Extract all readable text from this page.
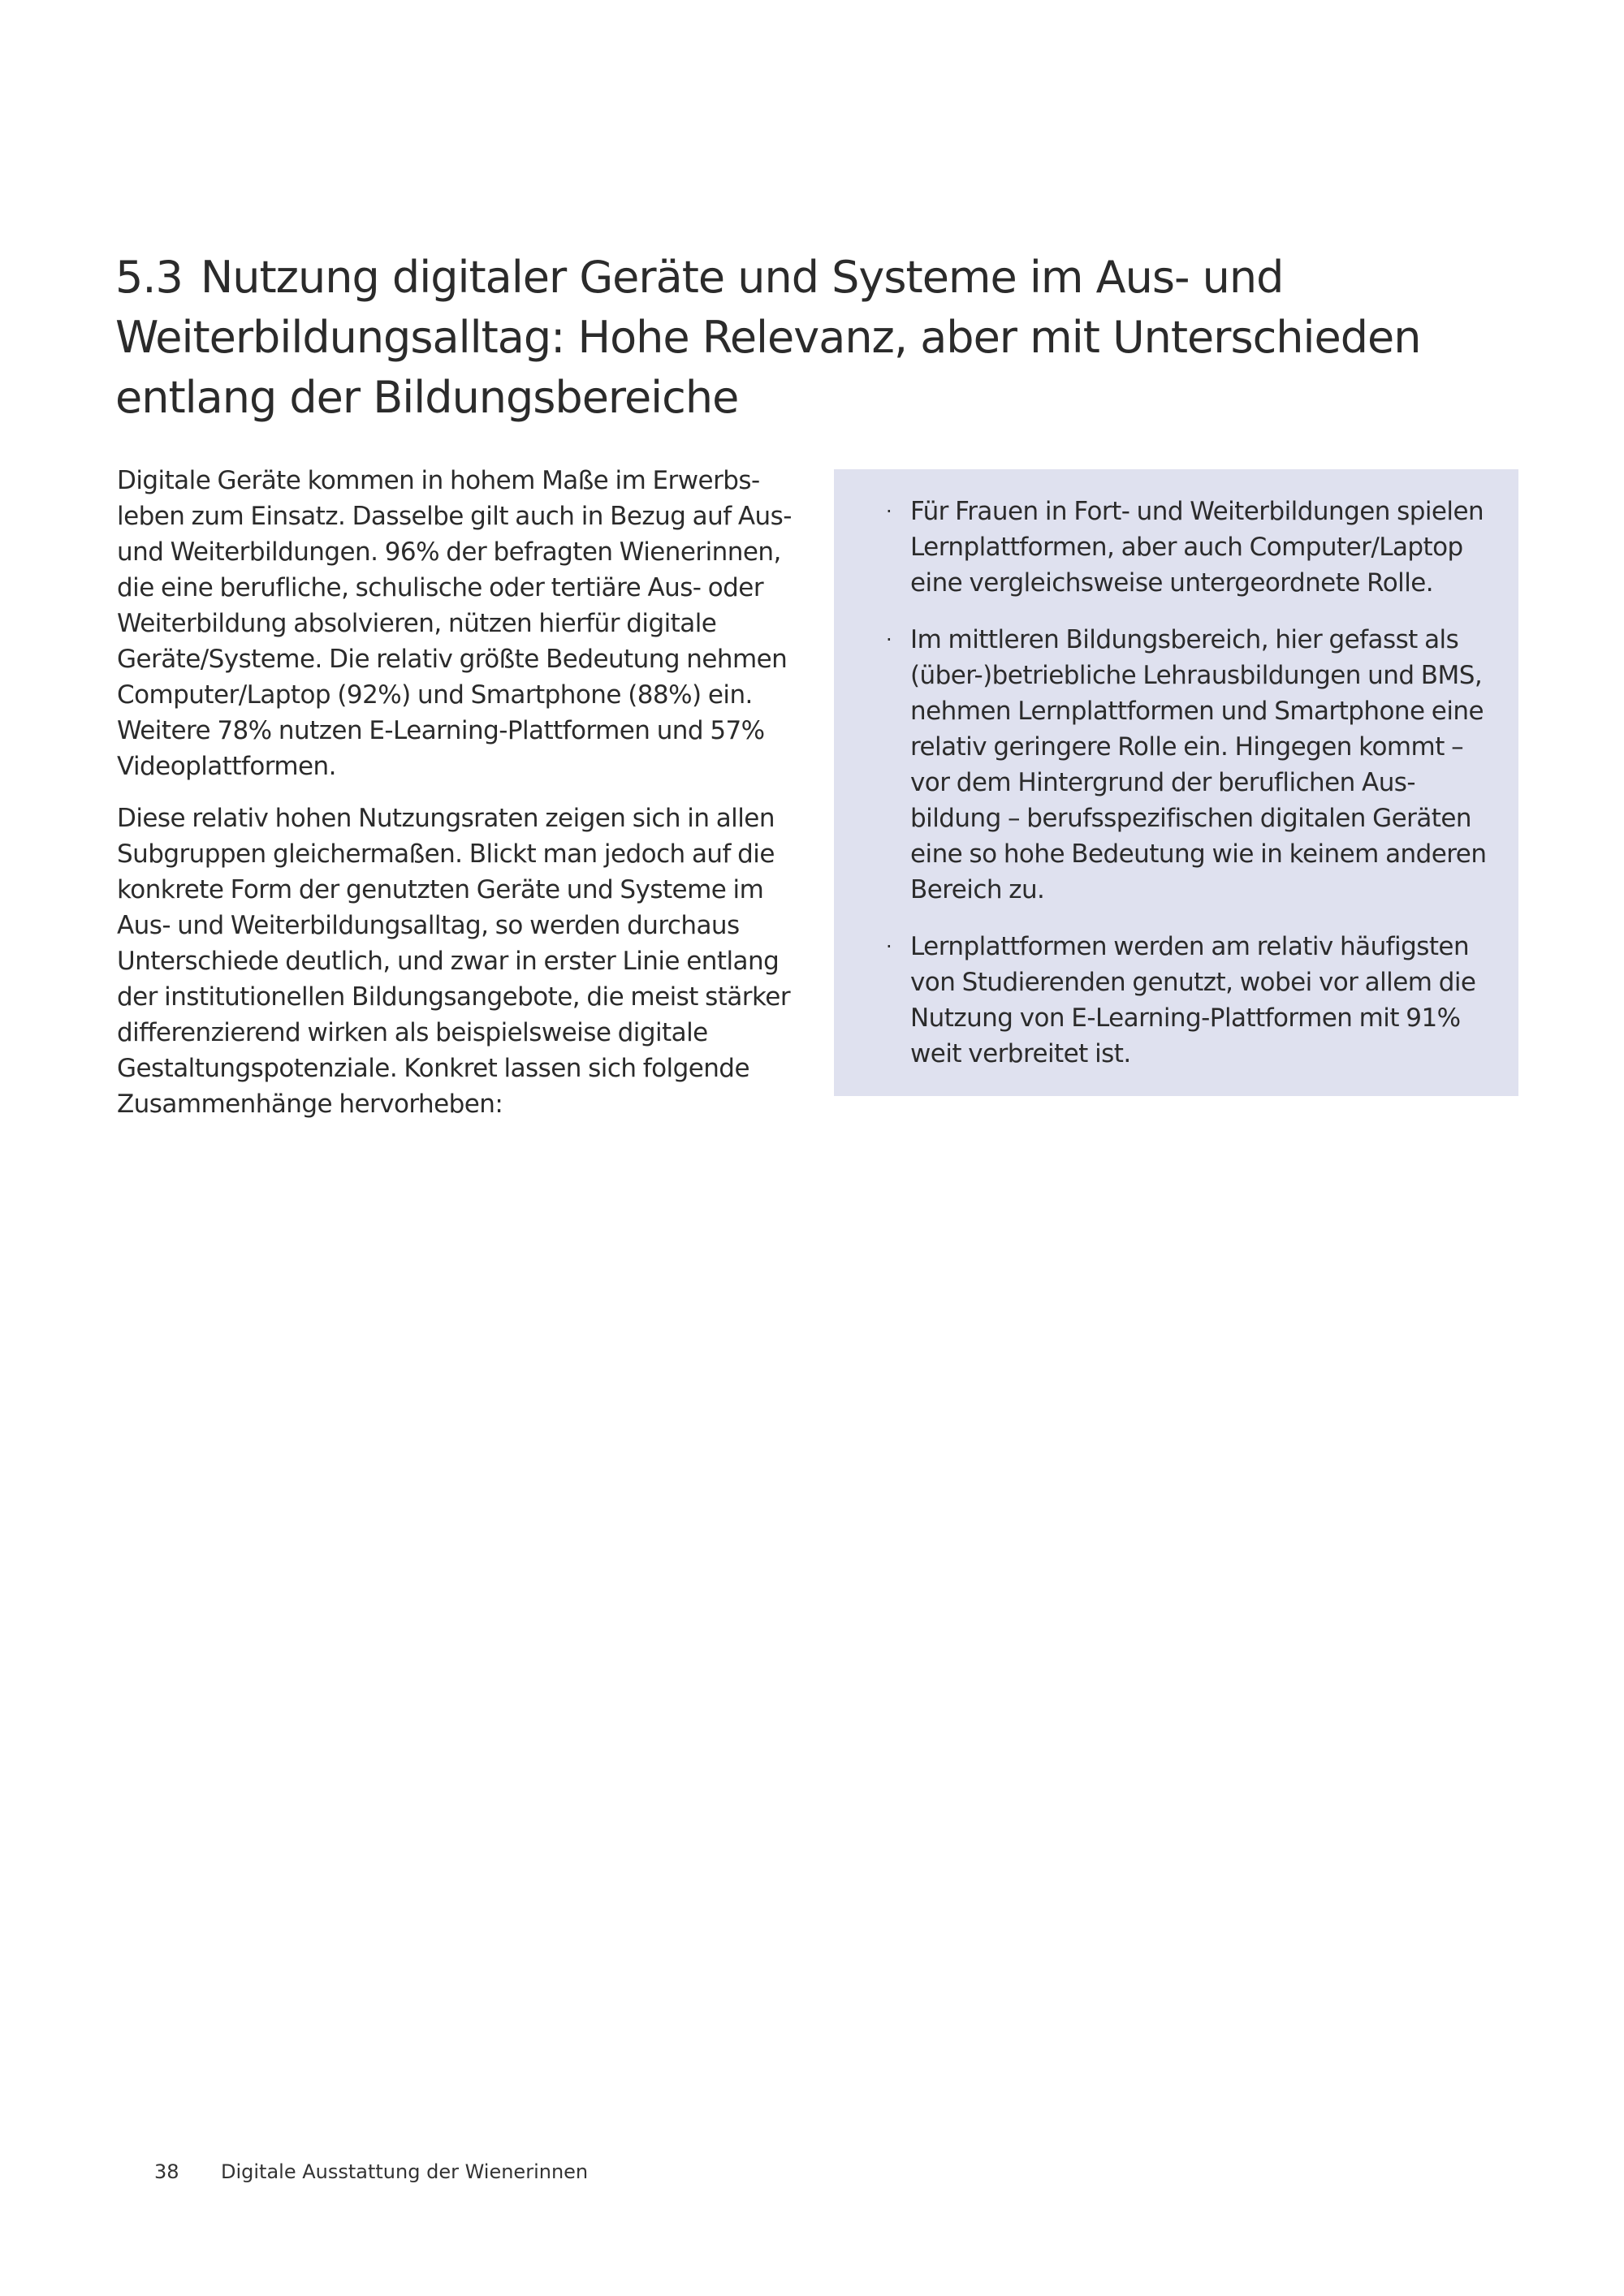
5.3 Nutzung digitaler Geräte und Systeme im Aus- und Weiterbildungsalltag: Hohe Relevanz, aber mit Unterschieden entlang der Bildungsbereiche

Digitale Geräte kommen in hohem Maße im Erwerbsleben zum Einsatz. Dasselbe gilt auch in Bezug auf Aus- und Weiterbildungen. 96% der befragten Wienerinnen, die eine berufliche, schulische oder tertiäre Aus- oder Weiterbildung absolvieren, nützen hierfür digitale Geräte/Systeme. Die relativ größte Bedeutung nehmen Computer/Laptop (92%) und Smartphone (88%) ein. Weitere 78% nutzen E-Learning-Plattformen und 57% Videoplattformen.

Diese relativ hohen Nutzungsraten zeigen sich in allen Subgruppen gleichermaßen. Blickt man jedoch auf die konkrete Form der genutzten Geräte und Systeme im Aus- und Weiterbildungsalltag, so werden durchaus Unterschiede deutlich, und zwar in erster Linie entlang der institutionellen Bildungsangebote, die meist stärker differenzierend wirken als beispielsweise digitale Gestaltungspotenziale. Konkret lassen sich folgende Zusammenhänge hervorheben:

· Für Frauen in Fort- und Weiterbildungen spielen Lernplattformen, aber auch Computer/Laptop eine vergleichsweise untergeordnete Rolle.
· Im mittleren Bildungsbereich, hier gefasst als (über-)betriebliche Lehrausbildungen und BMS, nehmen Lernplattformen und Smartphone eine relativ geringere Rolle ein. Hingegen kommt – vor dem Hintergrund der beruflichen Ausbildung – berufsspezifischen digitalen Geräten eine so hohe Bedeutung wie in keinem anderen Bereich zu.
· Lernplattformen werden am relativ häufigsten von Studierenden genutzt, wobei vor allem die Nutzung von E-Learning-Plattformen mit 91% weit verbreitet ist.
38 Digitale Ausstattung der Wienerinnen
